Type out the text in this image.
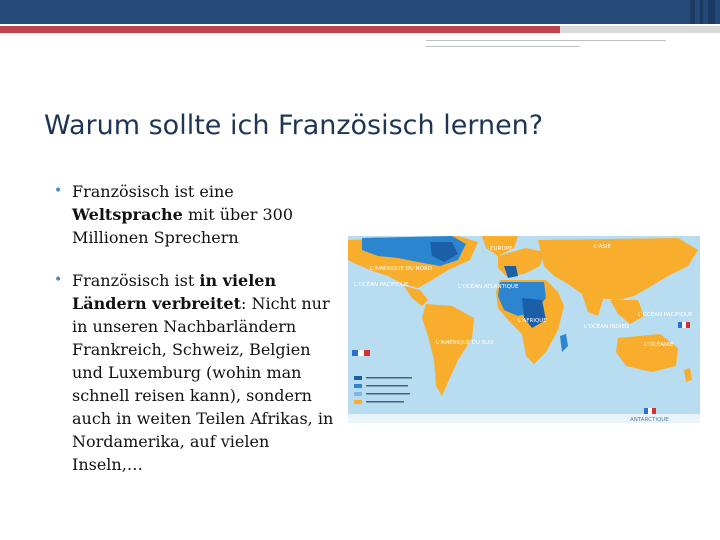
Warum sollte ich Französisch lernen?
• Französisch ist eine Weltsprache mit über 300 Millionen Sprechern
• Französisch ist in vielen Ländern verbreitet: Nicht nur in unseren Nachbarländern Frankreich, Schweiz, Belgien und Luxemburg (wohin man schnell reisen kann), sondern auch in weiten Teilen Afrikas, in Nordamerika, auf vielen Inseln,…
EUROPE	L'ASIE
L'AMÉRIQUE DU NORD
L'OCÉAN PACIFIQUE	L'OCÉAN ATLANTIQUE
L'AFRIQUE
L'AMÉRIQUE DU SUD
L'OCÉAN INDIEN
L'OCÉAN PACIFIQUE
L'OCÉANIE
ANTARCTIQUE
